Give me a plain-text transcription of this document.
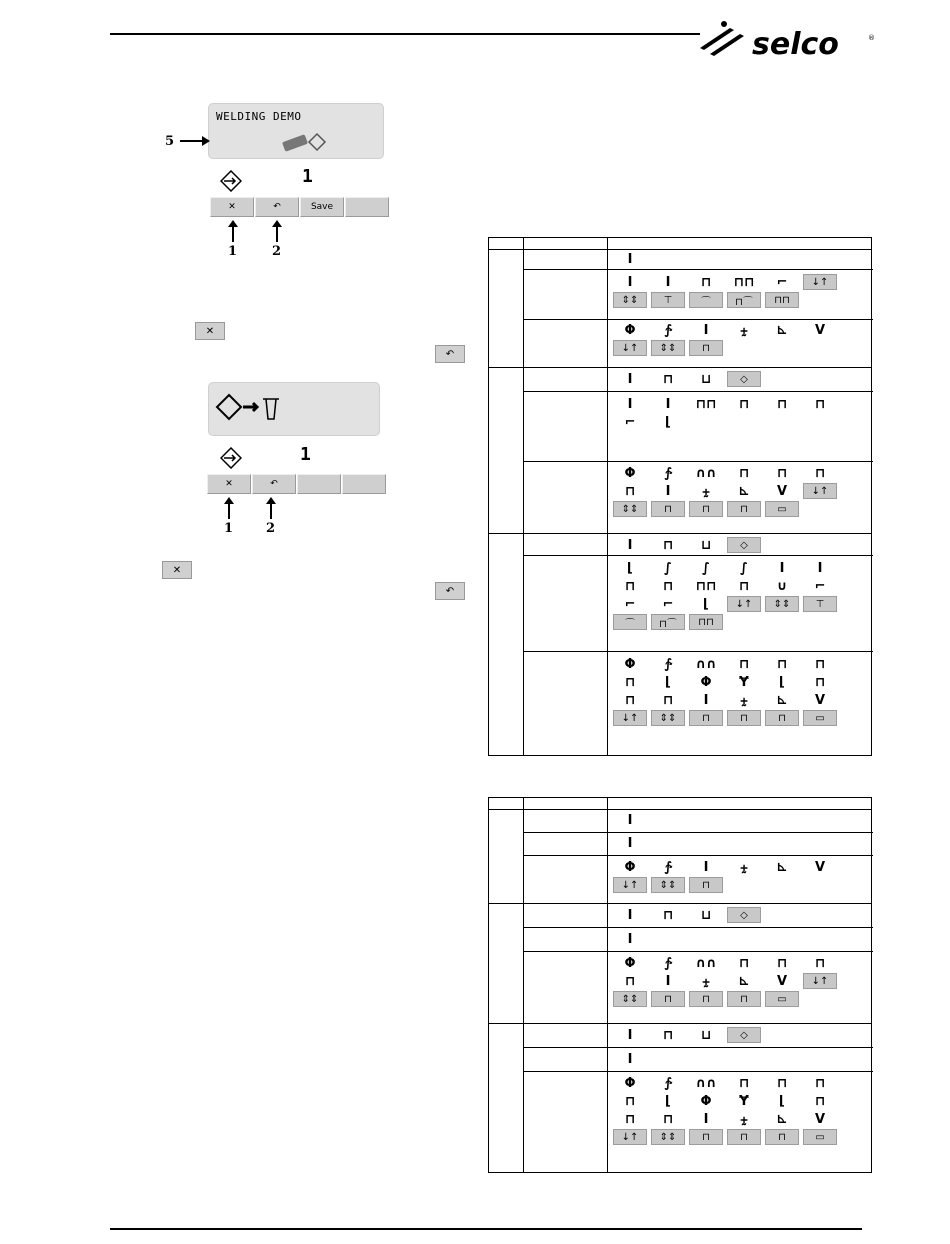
selco	®
WELDING DEMO
5
1
✕	↶	Save
1	2
✕
↶
1
✕	↶
1	2
✕
↶
I
I	I	⊓	⊓⊓	⌐	↓↑
⇕⇕	⊤	⌒	⊓⌒	⊓⊓
Φ	∱	I	⨦	⊾	V
↓↑	⇕⇕	⊓
I	⊓	⊔	◇
I	I	⊓⊓	⊓	⊓	⊓
⌐	⌊
Φ	∱	∩∩	⊓	⊓	⊓
⊓	I	⨦	⊾	V	↓↑
⇕⇕	⊓	⊓	⊓	▭
I	⊓	⊔	◇
⌊	∫	∫	∫	I	I
⊓	⊓	⊓⊓	⊓	∪	⌐
⌐	⌐	⌊	↓↑	⇕⇕	⊤
⌒	⊓⌒	⊓⊓
Φ	∱	∩∩	⊓	⊓	⊓
⊓	⌊	Φ	Ɏ	⌊	⊓
⊓	⊓	I	⨦	⊾	V
↓↑	⇕⇕	⊓	⊓	⊓	▭
I
I
Φ	∱	I	⨦	⊾	V
↓↑	⇕⇕	⊓
I	⊓	⊔	◇
I
Φ	∱	∩∩	⊓	⊓	⊓
⊓	I	⨦	⊾	V	↓↑
⇕⇕	⊓	⊓	⊓	▭
I	⊓	⊔	◇
I
Φ	∱	∩∩	⊓	⊓	⊓
⊓	⌊	Φ	Ɏ	⌊	⊓
⊓	⊓	I	⨦	⊾	V
↓↑	⇕⇕	⊓	⊓	⊓	▭
